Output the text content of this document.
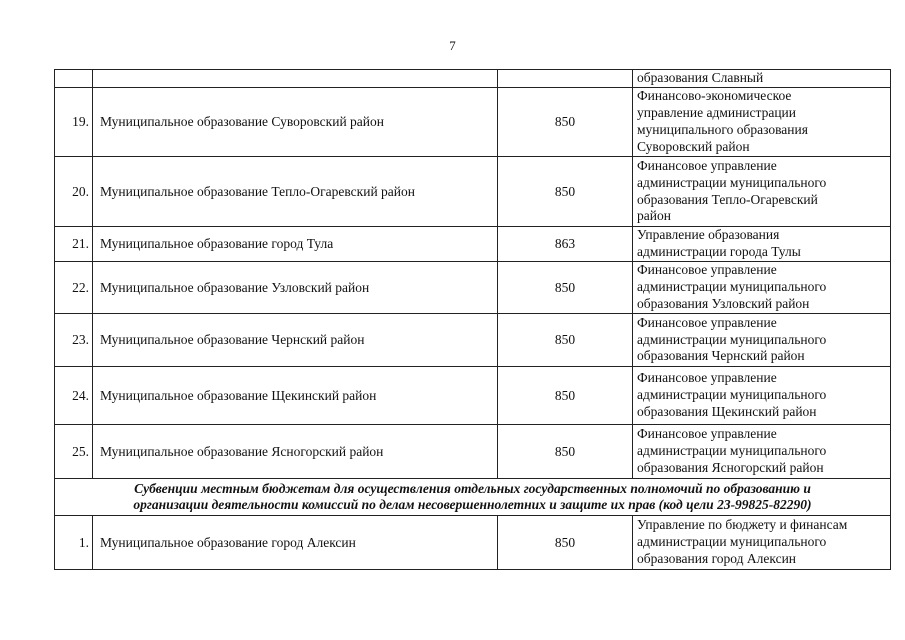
7
			образования Славный
19.	Муниципальное образование Суворовский район	850	Финансово-экономическое
управление администрации
муниципального образования
Суворовский район

20.	Муниципальное образование Тепло-Огаревский район	850	Финансовое управление
администрации муниципального
образования Тепло-Огаревский
район

21.	Муниципальное образование город Тула	863	Управление образования
администрации города Тулы

22.	Муниципальное образование Узловский район	850	Финансовое управление
администрации муниципального
образования Узловский район

23.	Муниципальное образование Чернский район	850	Финансовое управление
администрации муниципального
образования Чернский район

24.	Муниципальное образование Щекинский район	850	Финансовое управление
администрации муниципального
образования Щекинский район

25.	Муниципальное образование Ясногорский район	850	Финансовое управление
администрации муниципального
образования Ясногорский район

Субвенции местным бюджетам для осуществления отдельных государственных полномочий по образованию и
организации деятельности комиссий по делам несовершеннолетних и защите их прав (код цели 23-99825-82290)			

1.	Муниципальное образование город Алексин	850	Управление по бюджету и финансам
администрации муниципального
образования город Алексин
